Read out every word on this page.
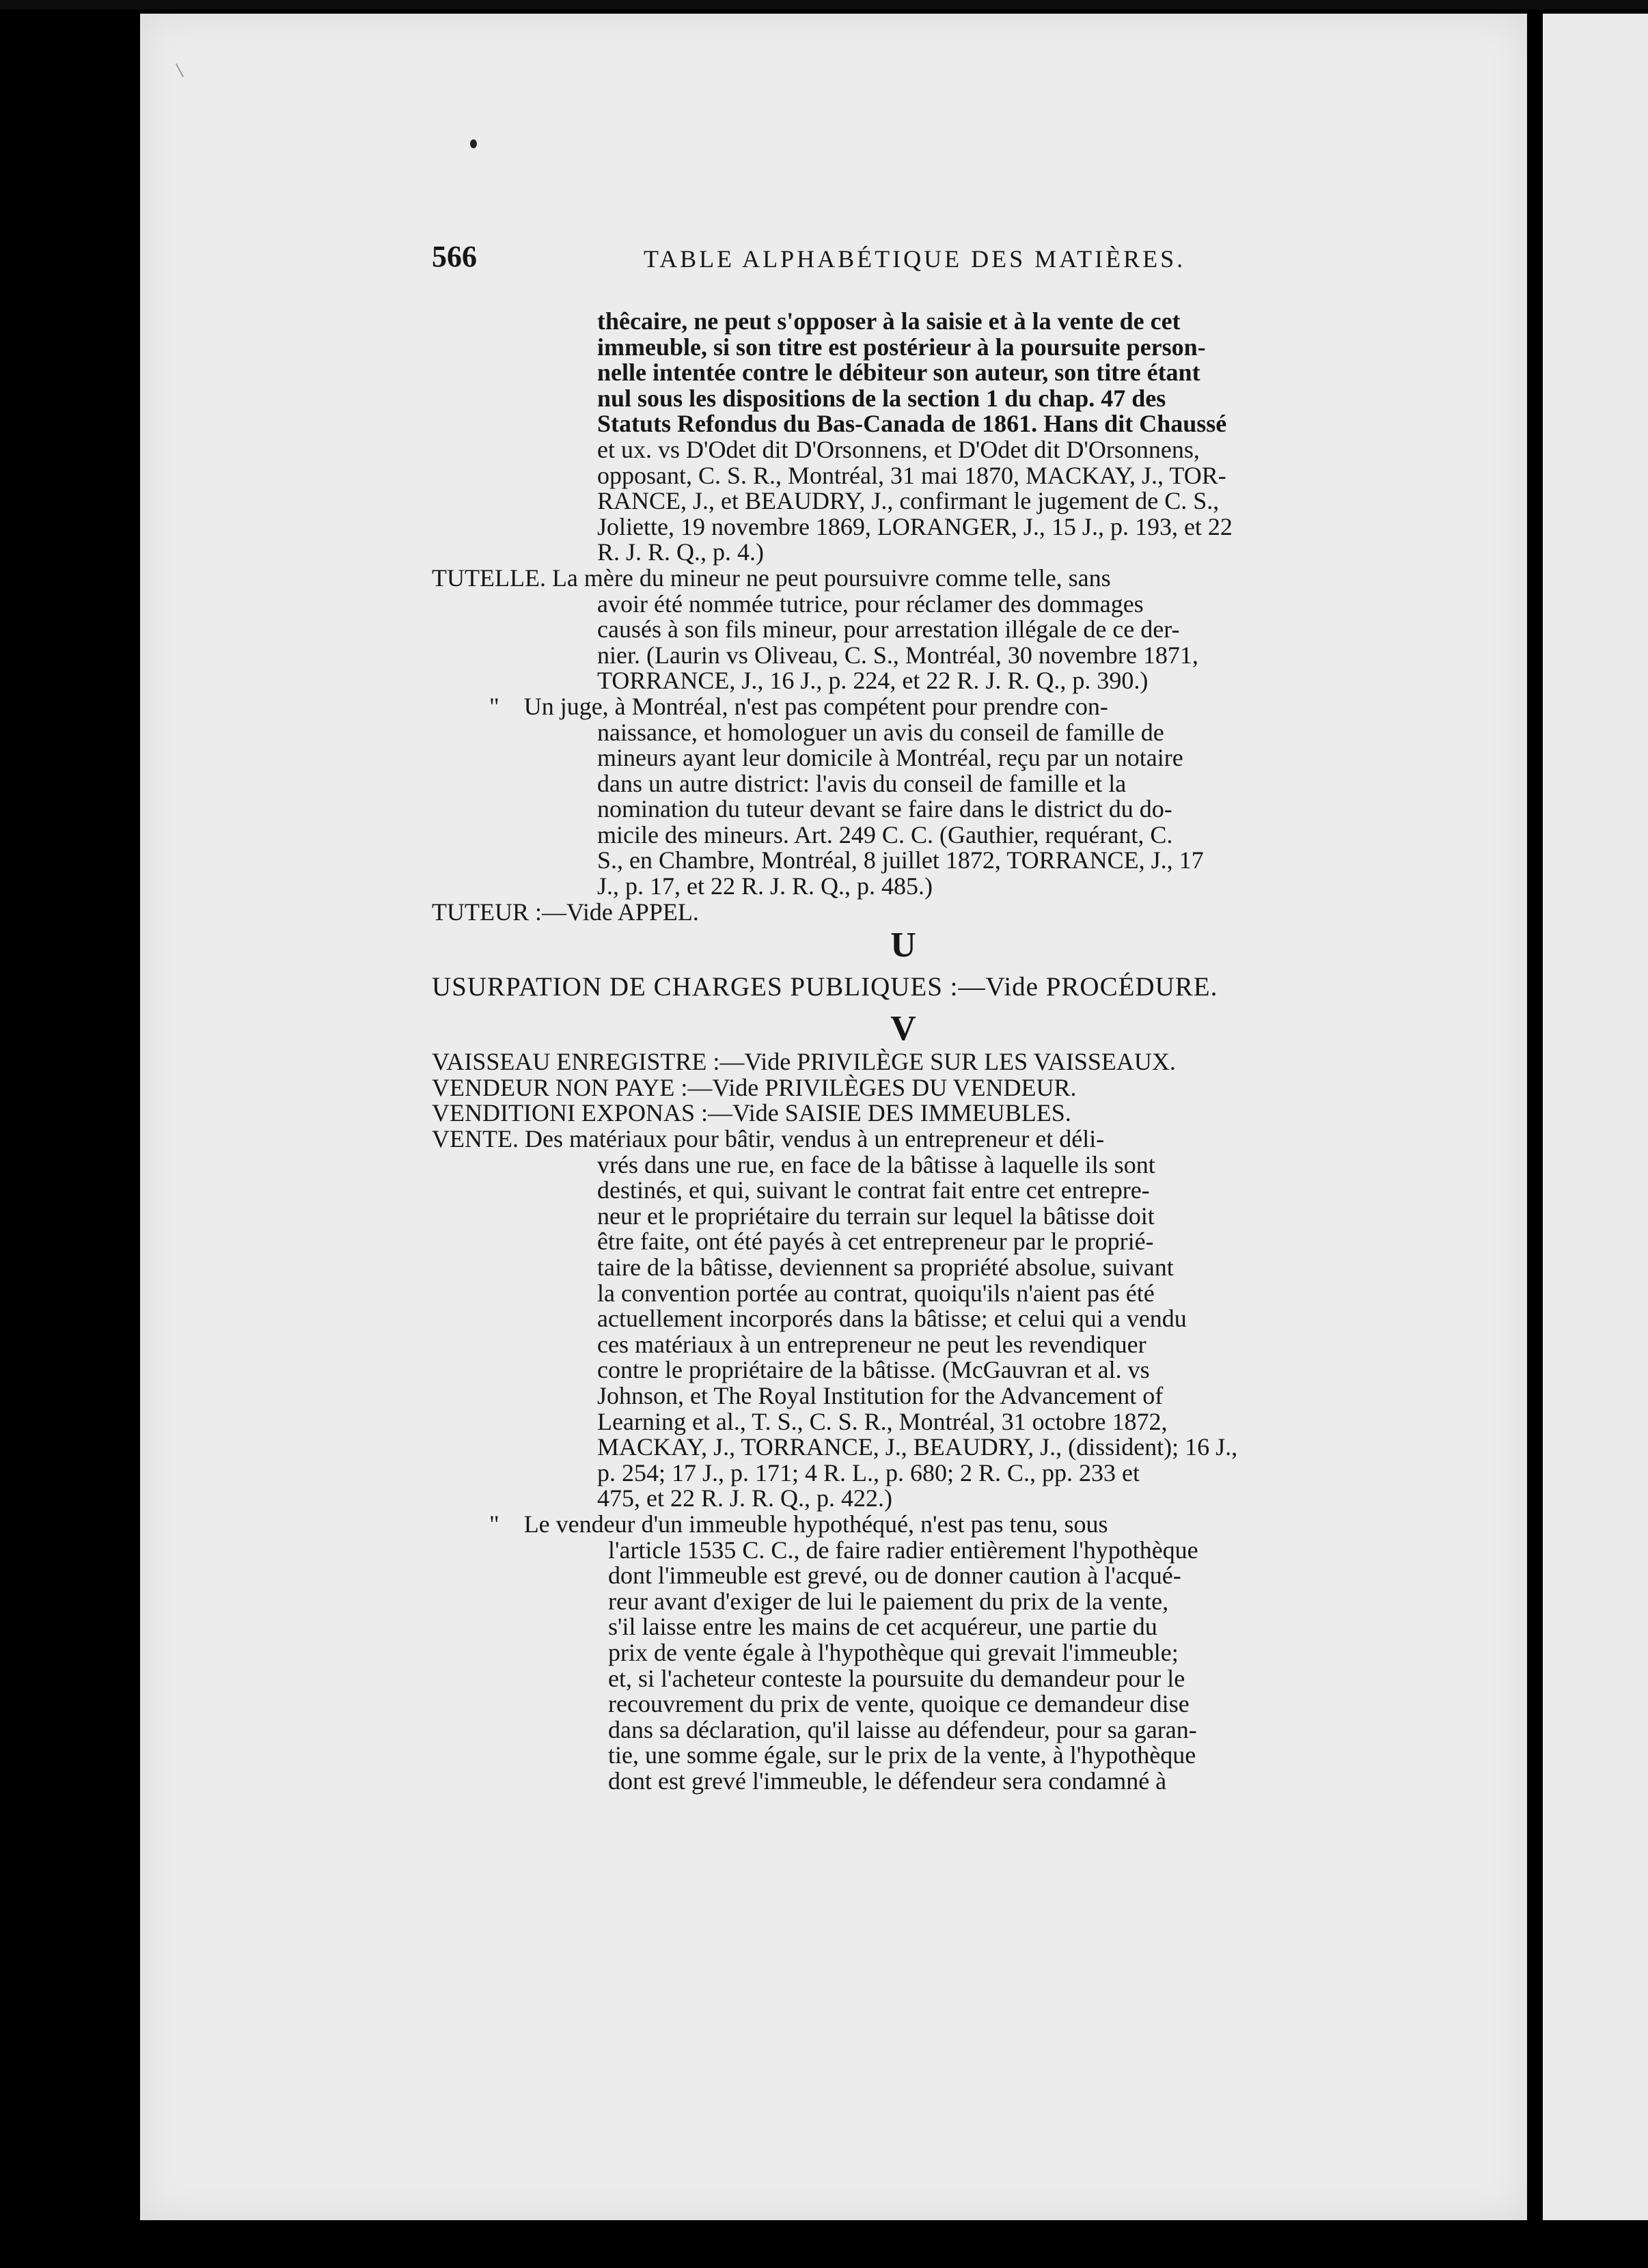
566	TABLE ALPHABÉTIQUE DES MATIÈRES.
thêcaire, ne peut s'opposer à la saisie et à la vente de cet
immeuble, si son titre est postérieur à la poursuite person-
nelle intentée contre le débiteur son auteur, son titre étant
nul sous les dispositions de la section 1 du chap. 47 des
Statuts Refondus du Bas-Canada de 1861. Hans dit Chaussé
et ux. vs D'Odet dit D'Orsonnens, et D'Odet dit D'Orsonnens,
opposant, C. S. R., Montréal, 31 mai 1870, MACKAY, J., TOR-
RANCE, J., et BEAUDRY, J., confirmant le jugement de C. S.,
Joliette, 19 novembre 1869, LORANGER, J., 15 J., p. 193, et 22
R. J. R. Q., p. 4.)
TUTELLE. La mère du mineur ne peut poursuivre comme telle, sans
avoir été nommée tutrice, pour réclamer des dommages
causés à son fils mineur, pour arrestation illégale de ce der-
nier. (Laurin vs Oliveau, C. S., Montréal, 30 novembre 1871,
TORRANCE, J., 16 J., p. 224, et 22 R. J. R. Q., p. 390.)
"    Un juge, à Montréal, n'est pas compétent pour prendre con-
naissance, et homologuer un avis du conseil de famille de
mineurs ayant leur domicile à Montréal, reçu par un notaire
dans un autre district: l'avis du conseil de famille et la
nomination du tuteur devant se faire dans le district du do-
micile des mineurs. Art. 249 C. C. (Gauthier, requérant, C.
S., en Chambre, Montréal, 8 juillet 1872, TORRANCE, J., 17
J., p. 17, et 22 R. J. R. Q., p. 485.)
TUTEUR :—Vide APPEL.
U
USURPATION DE CHARGES PUBLIQUES :—Vide PROCÉDURE.
V
VAISSEAU ENREGISTRE :—Vide PRIVILÈGE SUR LES VAISSEAUX.
VENDEUR NON PAYE :—Vide PRIVILÈGES DU VENDEUR.
VENDITIONI EXPONAS :—Vide SAISIE DES IMMEUBLES.
VENTE. Des matériaux pour bâtir, vendus à un entrepreneur et déli-
vrés dans une rue, en face de la bâtisse à laquelle ils sont
destinés, et qui, suivant le contrat fait entre cet entrepre-
neur et le propriétaire du terrain sur lequel la bâtisse doit
être faite, ont été payés à cet entrepreneur par le proprié-
taire de la bâtisse, deviennent sa propriété absolue, suivant
la convention portée au contrat, quoiqu'ils n'aient pas été
actuellement incorporés dans la bâtisse; et celui qui a vendu
ces matériaux à un entrepreneur ne peut les revendiquer
contre le propriétaire de la bâtisse. (McGauvran et al. vs
Johnson, et The Royal Institution for the Advancement of
Learning et al., T. S., C. S. R., Montréal, 31 octobre 1872,
MACKAY, J., TORRANCE, J., BEAUDRY, J., (dissident); 16 J.,
p. 254; 17 J., p. 171; 4 R. L., p. 680; 2 R. C., pp. 233 et
475, et 22 R. J. R. Q., p. 422.)
"    Le vendeur d'un immeuble hypothéqué, n'est pas tenu, sous
l'article 1535 C. C., de faire radier entièrement l'hypothèque
dont l'immeuble est grevé, ou de donner caution à l'acqué-
reur avant d'exiger de lui le paiement du prix de la vente,
s'il laisse entre les mains de cet acquéreur, une partie du
prix de vente égale à l'hypothèque qui grevait l'immeuble;
et, si l'acheteur conteste la poursuite du demandeur pour le
recouvrement du prix de vente, quoique ce demandeur dise
dans sa déclaration, qu'il laisse au défendeur, pour sa garan-
tie, une somme égale, sur le prix de la vente, à l'hypothèque
dont est grevé l'immeuble, le défendeur sera condamné à
